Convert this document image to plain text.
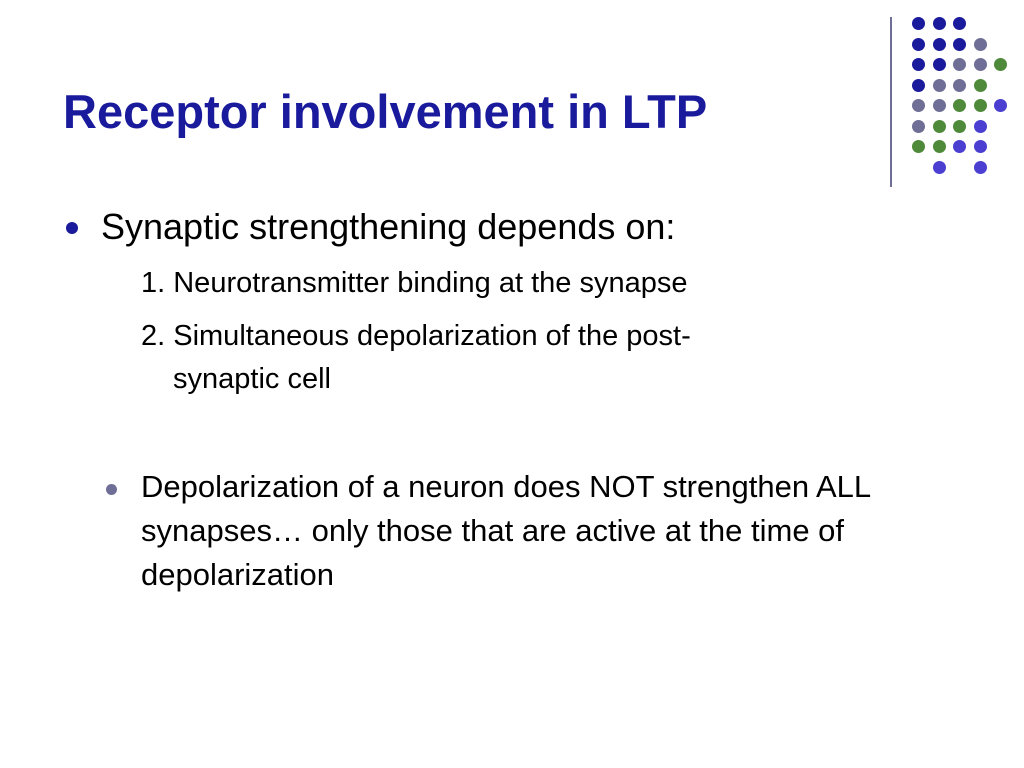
Receptor involvement in LTP
Synaptic strengthening depends on:
1. Neurotransmitter binding at the synapse
2. Simultaneous depolarization of the post-
synaptic cell
Depolarization of a neuron does NOT strengthen ALL synapses… only those that are active at the time of depolarization
